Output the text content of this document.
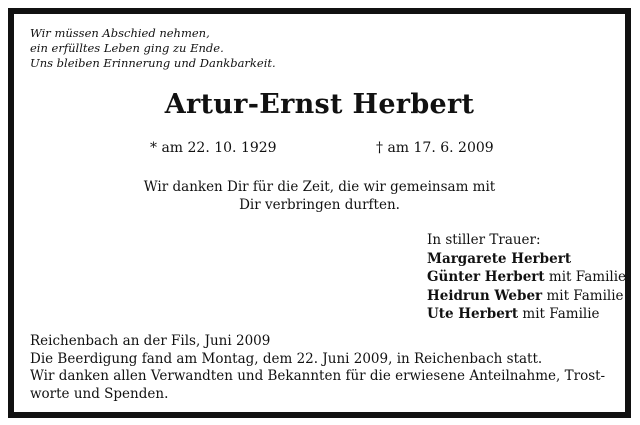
Wir müssen Abschied nehmen,
ein erfülltes Leben ging zu Ende.
Uns bleiben Erinnerung und Dankbarkeit.
Artur-Ernst Herbert
* am 22. 10. 1929	† am 17. 6. 2009
Wir danken Dir für die Zeit, die wir gemeinsam mit
Dir verbringen durften.
In stiller Trauer:
Margarete Herbert
Günter Herbert mit Familie
Heidrun Weber mit Familie
Ute Herbert mit Familie
Reichenbach an der Fils, Juni 2009
Die Beerdigung fand am Montag, dem 22. Juni 2009, in Reichenbach statt.
Wir danken allen Verwandten und Bekannten für die erwiesene Anteilnahme, Trost-
worte und Spenden.
